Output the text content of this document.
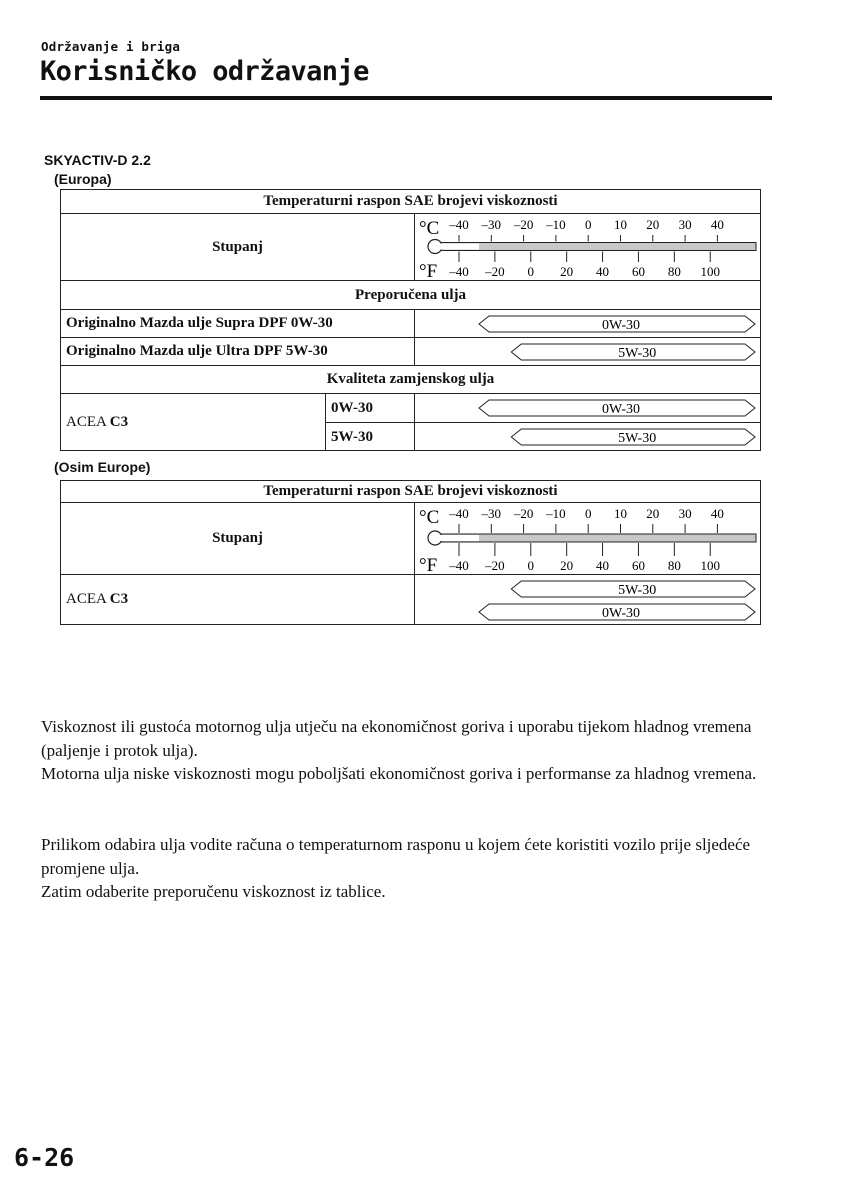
Održavanje i briga
Korisničko održavanje
SKYACTIV-D 2.2
(Europa)
Temperaturni raspon SAE brojevi viskoznosti
Stupanj
°C
°F
–40 –30 –20 –10 0 10 20 30 40
–40 –20 0 20 40 60 80 100
Preporučena ulja
Originalno Mazda ulje Supra DPF 0W-30	0W-30
Originalno Mazda ulje Ultra DPF 5W-30	5W-30
Kvaliteta zamjenskog ulja
ACEA C3
0W-30
5W-30
0W-30
5W-30
(Osim Europe)
Temperaturni raspon SAE brojevi viskoznosti
Stupanj
°C
°F
–40 –30 –20 –10 0 10 20 30 40
–40 –20 0 20 40 60 80 100
ACEA C3
5W-30
0W-30
Viskoznost ili gustoća motornog ulja utječu na ekonomičnost goriva i uporabu tijekom hladnog vremena (paljenje i protok ulja).
Motorna ulja niske viskoznosti mogu poboljšati ekonomičnost goriva i performanse za hladnog vremena.
Prilikom odabira ulja vodite računa o temperaturnom rasponu u kojem ćete koristiti vozilo prije sljedeće promjene ulja.
Zatim odaberite preporučenu viskoznost iz tablice.
6-26
